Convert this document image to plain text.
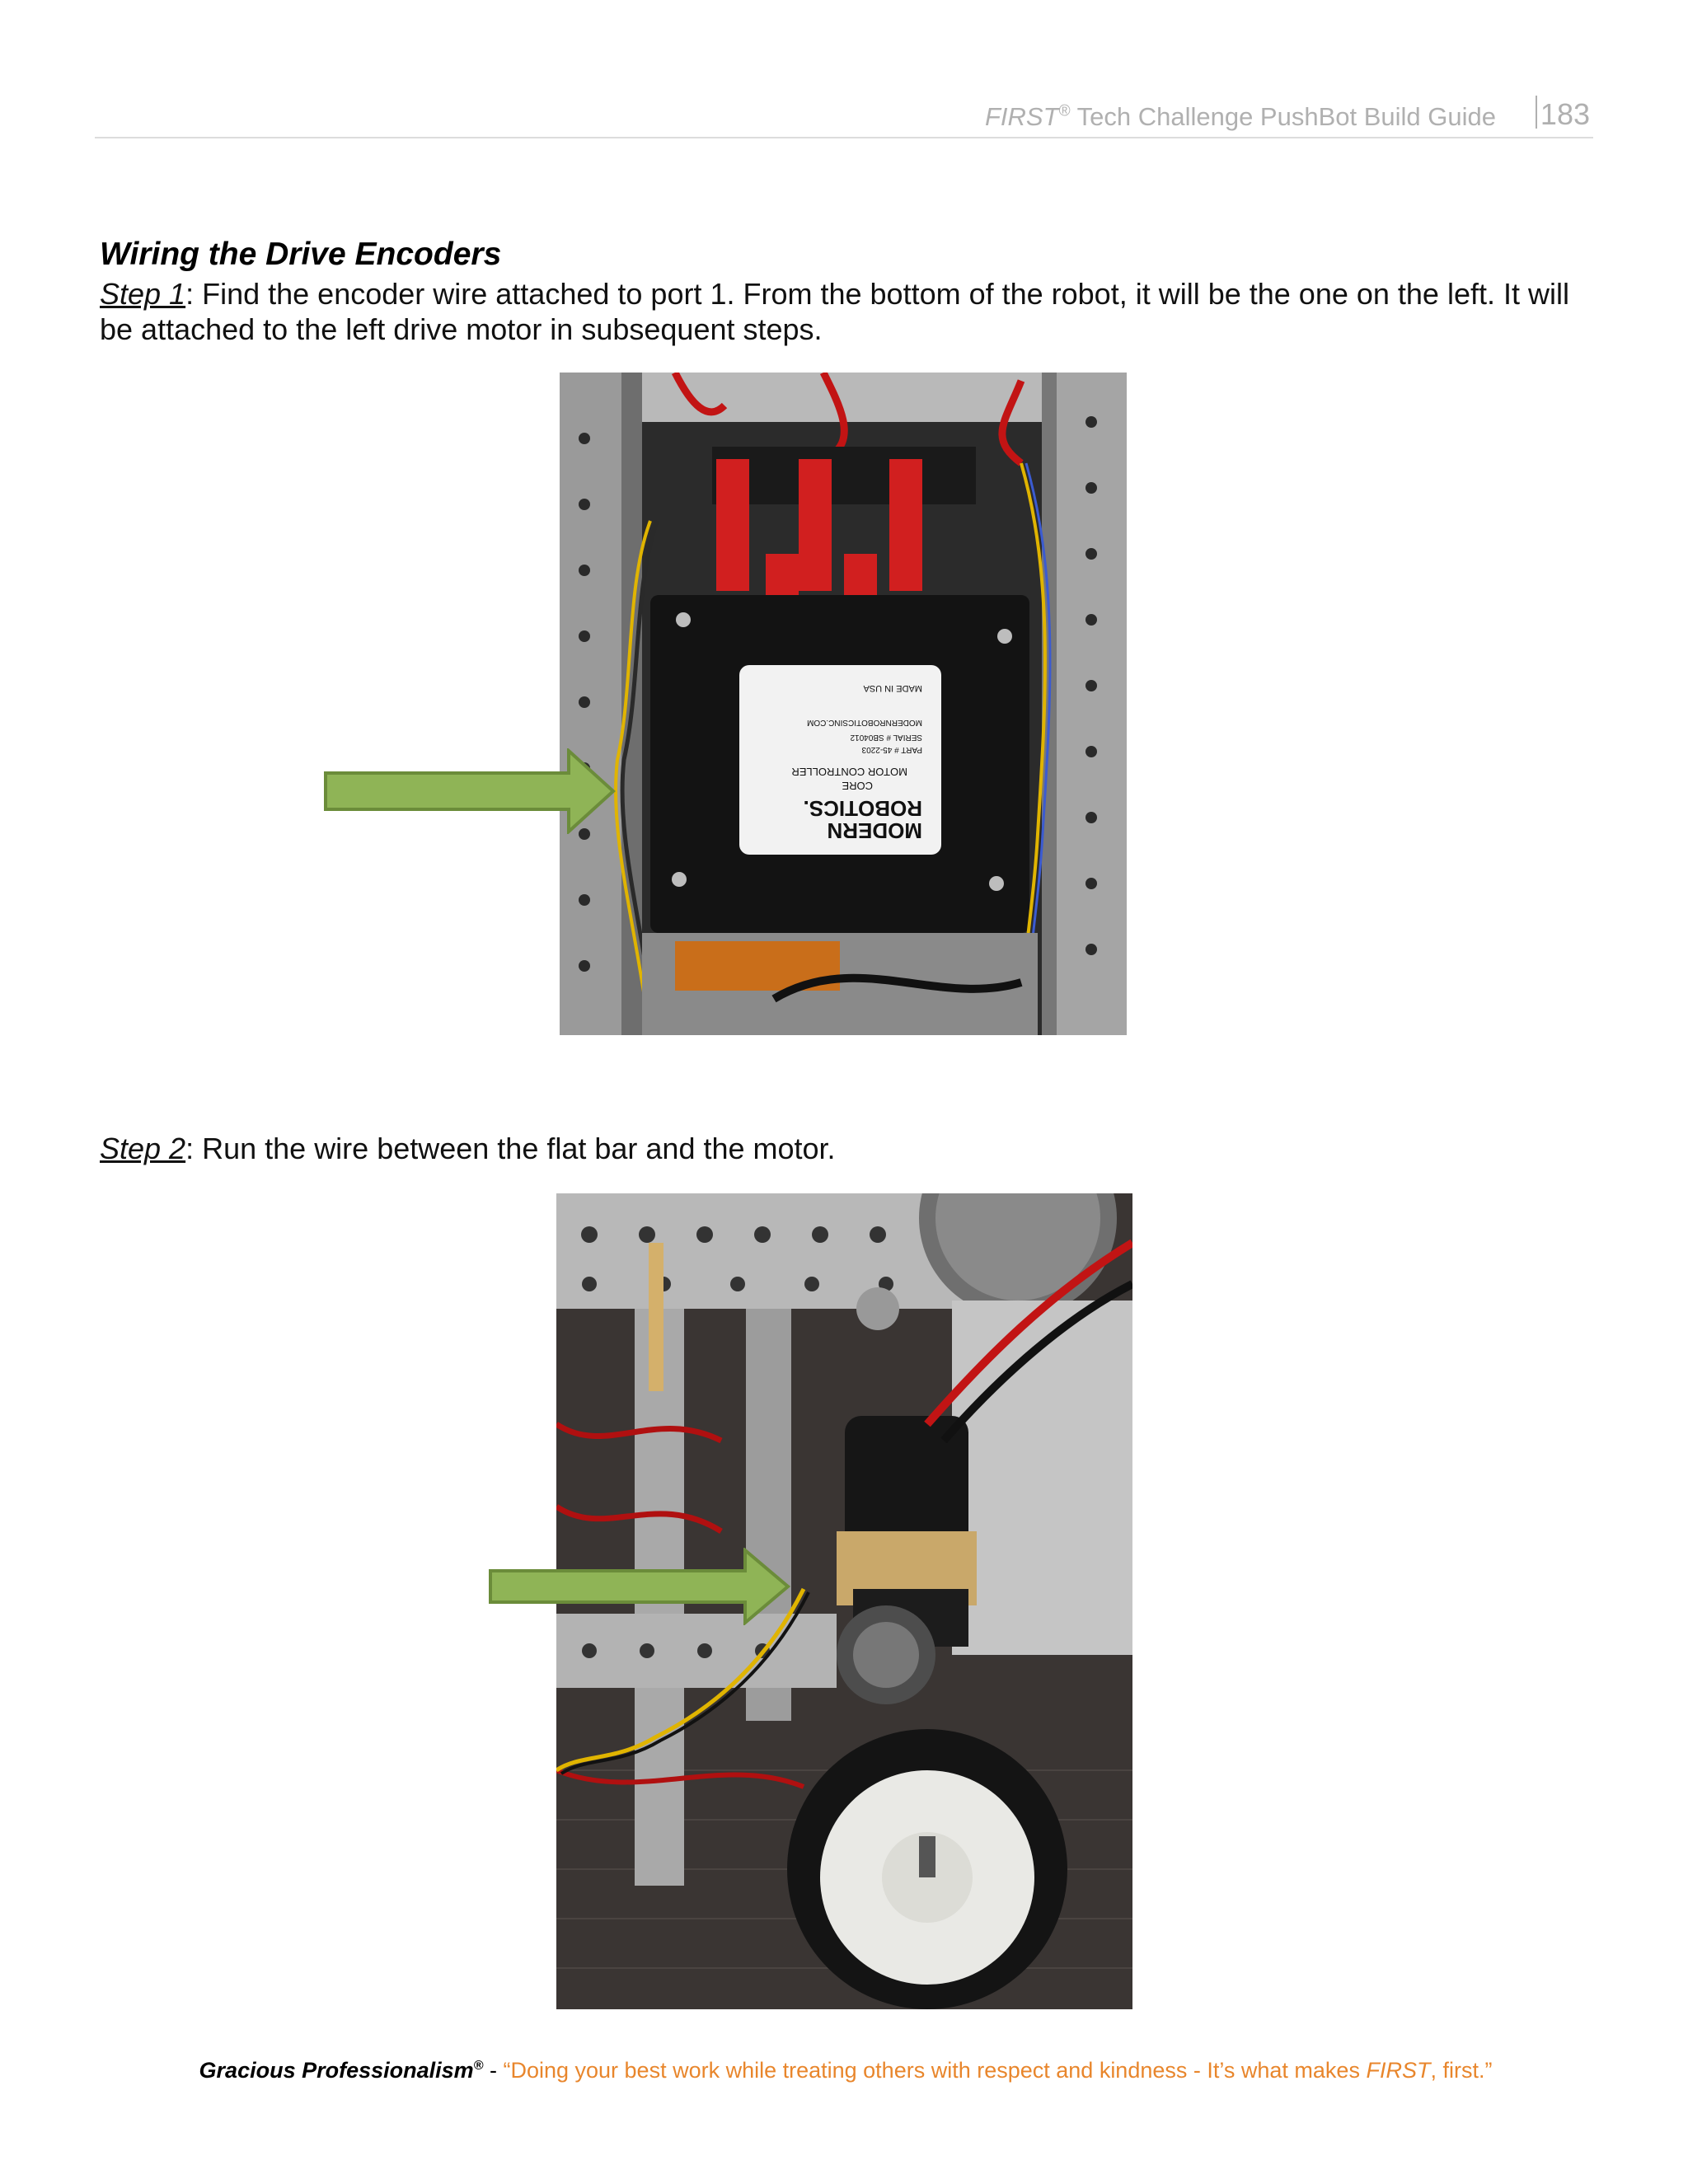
FIRST® Tech Challenge PushBot Build Guide 183
Wiring the Drive Encoders
Step 1: Find the encoder wire attached to port 1. From the bottom of the robot, it will be the one on the left. It will be attached to the left drive motor in subsequent steps.
MODERN
ROBOTICS.
CORE
MOTOR CONTROLLER
PART # 45-2203
SERIAL # SB04012
MODERNROBOTICSINC.COM
MADE IN USA
Step 2: Run the wire between the flat bar and the motor.
Gracious Professionalism® - “Doing your best work while treating others with respect and kindness - It’s what makes FIRST, first.”
